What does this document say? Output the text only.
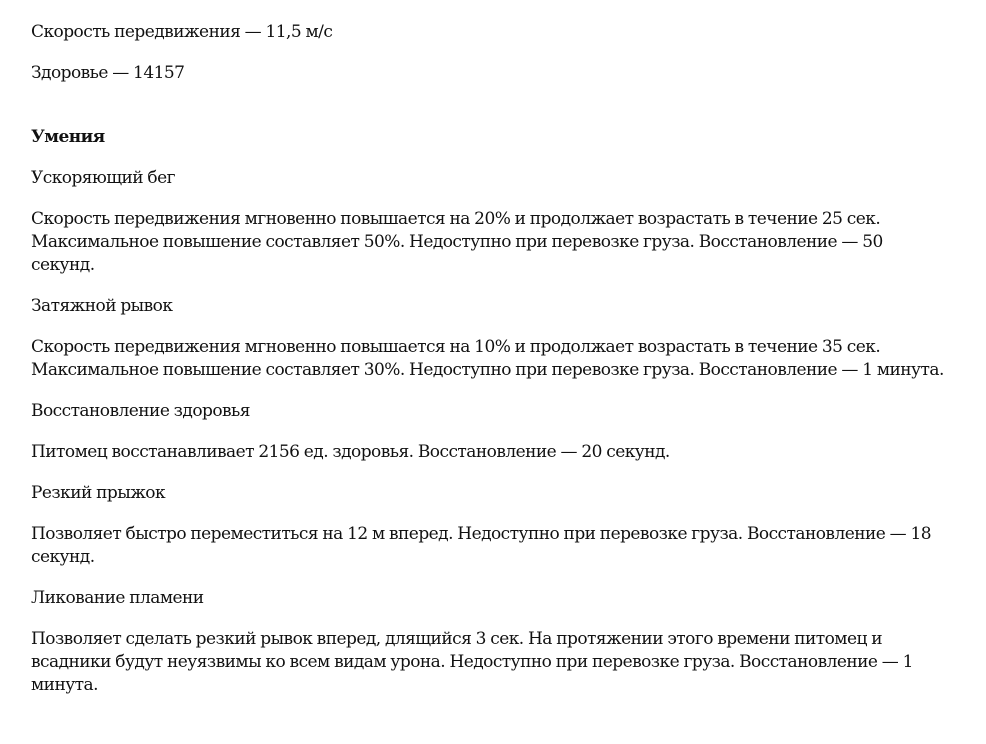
Скорость передвижения — 11,5 м/с

Здоровье — 14157

Умения

Ускоряющий бег

Скорость передвижения мгновенно повышается на 20% и продолжает возрастать в течение 25 сек.
Максимальное повышение составляет 50%. Недоступно при перевозке груза. Восстановление — 50
секунд.

Затяжной рывок

Скорость передвижения мгновенно повышается на 10% и продолжает возрастать в течение 35 сек.
Максимальное повышение составляет 30%. Недоступно при перевозке груза. Восстановление — 1 минута.

Восстановление здоровья

Питомец восстанавливает 2156 ед. здоровья. Восстановление — 20 секунд.

Резкий прыжок

Позволяет быстро переместиться на 12 м вперед. Недоступно при перевозке груза. Восстановление — 18
секунд.

Ликование пламени

Позволяет сделать резкий рывок вперед, длящийся 3 сек. На протяжении этого времени питомец и
всадники будут неуязвимы ко всем видам урона. Недоступно при перевозке груза. Восстановление — 1
минута.
